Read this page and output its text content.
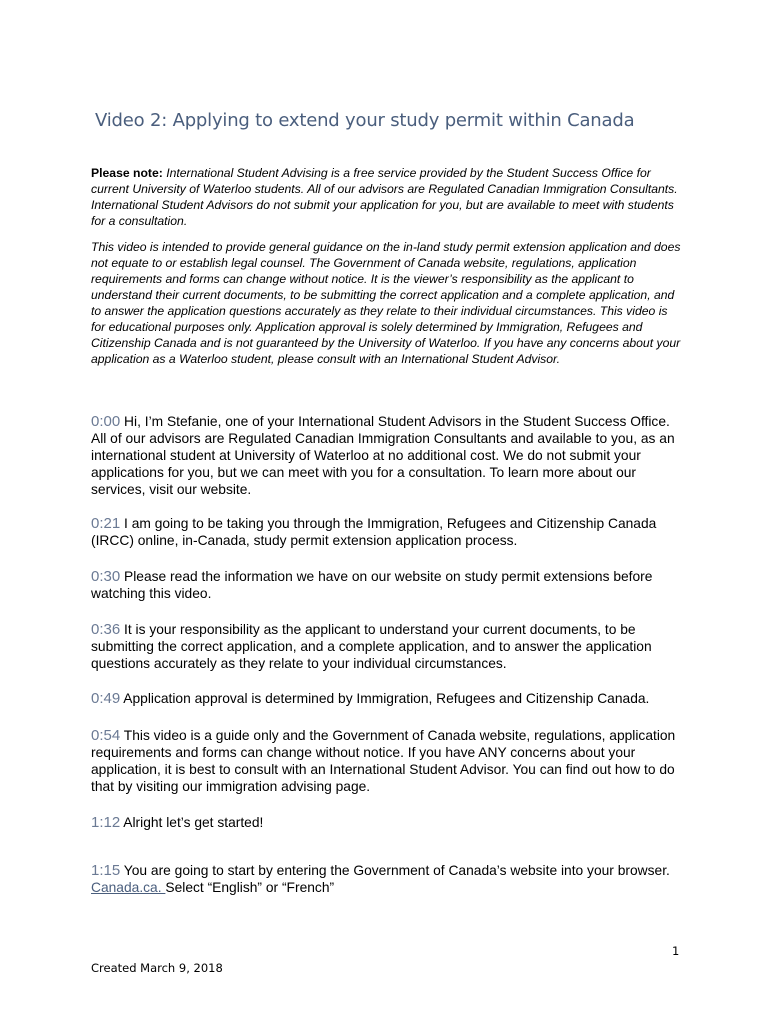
Video 2: Applying to extend your study permit within Canada

Please note: International Student Advising is a free service provided by the Student Success Office for current University of Waterloo students. All of our advisors are Regulated Canadian Immigration Consultants. International Student Advisors do not submit your application for you, but are available to meet with students for a consultation.

This video is intended to provide general guidance on the in-land study permit extension application and does not equate to or establish legal counsel. The Government of Canada website, regulations, application requirements and forms can change without notice. It is the viewer’s responsibility as the applicant to understand their current documents, to be submitting the correct application and a complete application, and to answer the application questions accurately as they relate to their individual circumstances. This video is for educational purposes only. Application approval is solely determined by Immigration, Refugees and Citizenship Canada and is not guaranteed by the University of Waterloo. If you have any concerns about your application as a Waterloo student, please consult with an International Student Advisor.

0:00 Hi, I’m Stefanie, one of your International Student Advisors in the Student Success Office. All of our advisors are Regulated Canadian Immigration Consultants and available to you, as an international student at University of Waterloo at no additional cost. We do not submit your applications for you, but we can meet with you for a consultation. To learn more about our services, visit our website.

0:21 I am going to be taking you through the Immigration, Refugees and Citizenship Canada (IRCC) online, in-Canada, study permit extension application process.

0:30 Please read the information we have on our website on study permit extensions before watching this video.

0:36 It is your responsibility as the applicant to understand your current documents, to be submitting the correct application, and a complete application, and to answer the application questions accurately as they relate to your individual circumstances.

0:49 Application approval is determined by Immigration, Refugees and Citizenship Canada.

0:54 This video is a guide only and the Government of Canada website, regulations, application requirements and forms can change without notice. If you have ANY concerns about your application, it is best to consult with an International Student Advisor. You can find out how to do that by visiting our immigration advising page.

1:12 Alright let’s get started!

1:15 You are going to start by entering the Government of Canada’s website into your browser. Canada.ca. Select “English” or “French”

1
Created March 9, 2018
